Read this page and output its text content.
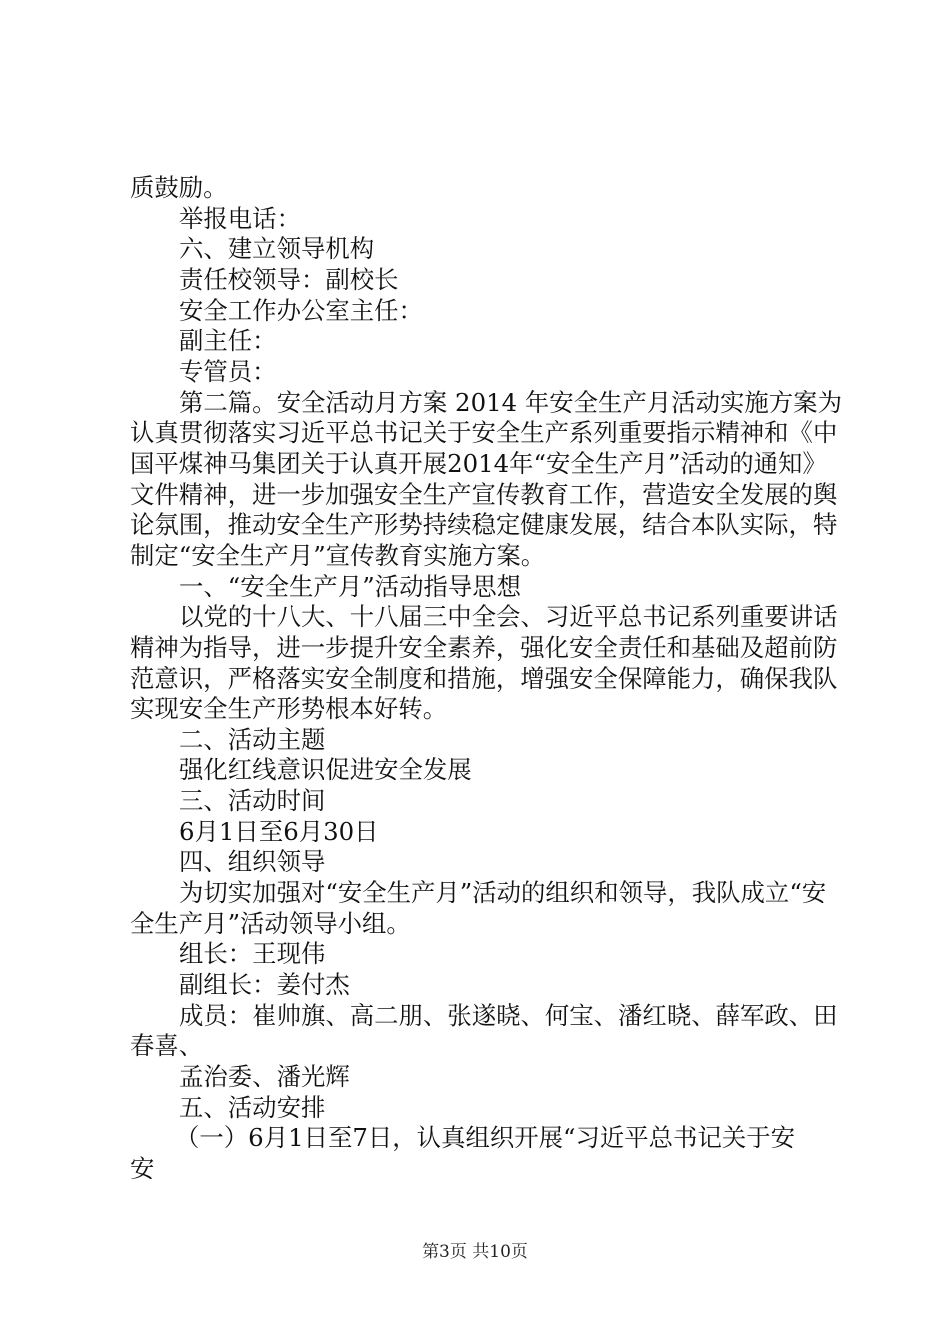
质鼓励。

举报电话：

六、建立领导机构

责任校领导：副校长

安全工作办公室主任：

副主任：

专管员：

第二篇。安全活动月方案 2014 年安全生产月活动实施方案为认真贯彻落实习近平总书记关于安全生产系列重要指示精神和《中国平煤神马集团关于认真开展2014年“安全生产月”活动的通知》文件精神，进一步加强安全生产宣传教育工作，营造安全发展的舆论氛围，推动安全生产形势持续稳定健康发展，结合本队实际，特制定“安全生产月”宣传教育实施方案。

一、“安全生产月”活动指导思想

以党的十八大、十八届三中全会、习近平总书记系列重要讲话精神为指导，进一步提升安全素养，强化安全责任和基础及超前防范意识，严格落实安全制度和措施，增强安全保障能力，确保我队实现安全生产形势根本好转。

二、活动主题

强化红线意识促进安全发展

三、活动时间

6月1日至6月30日

四、组织领导

为切实加强对“安全生产月”活动的组织和领导，我队成立“安全生产月”活动领导小组。

组长：王现伟

副组长：姜付杰

成员：崔帅旗、高二朋、张遂晓、何宝、潘红晓、薛军政、田春喜、

孟治委、潘光辉

五、活动安排

（一）6月1日至7日，认真组织开展“习近平总书记关于安

安

第3页 共10页
